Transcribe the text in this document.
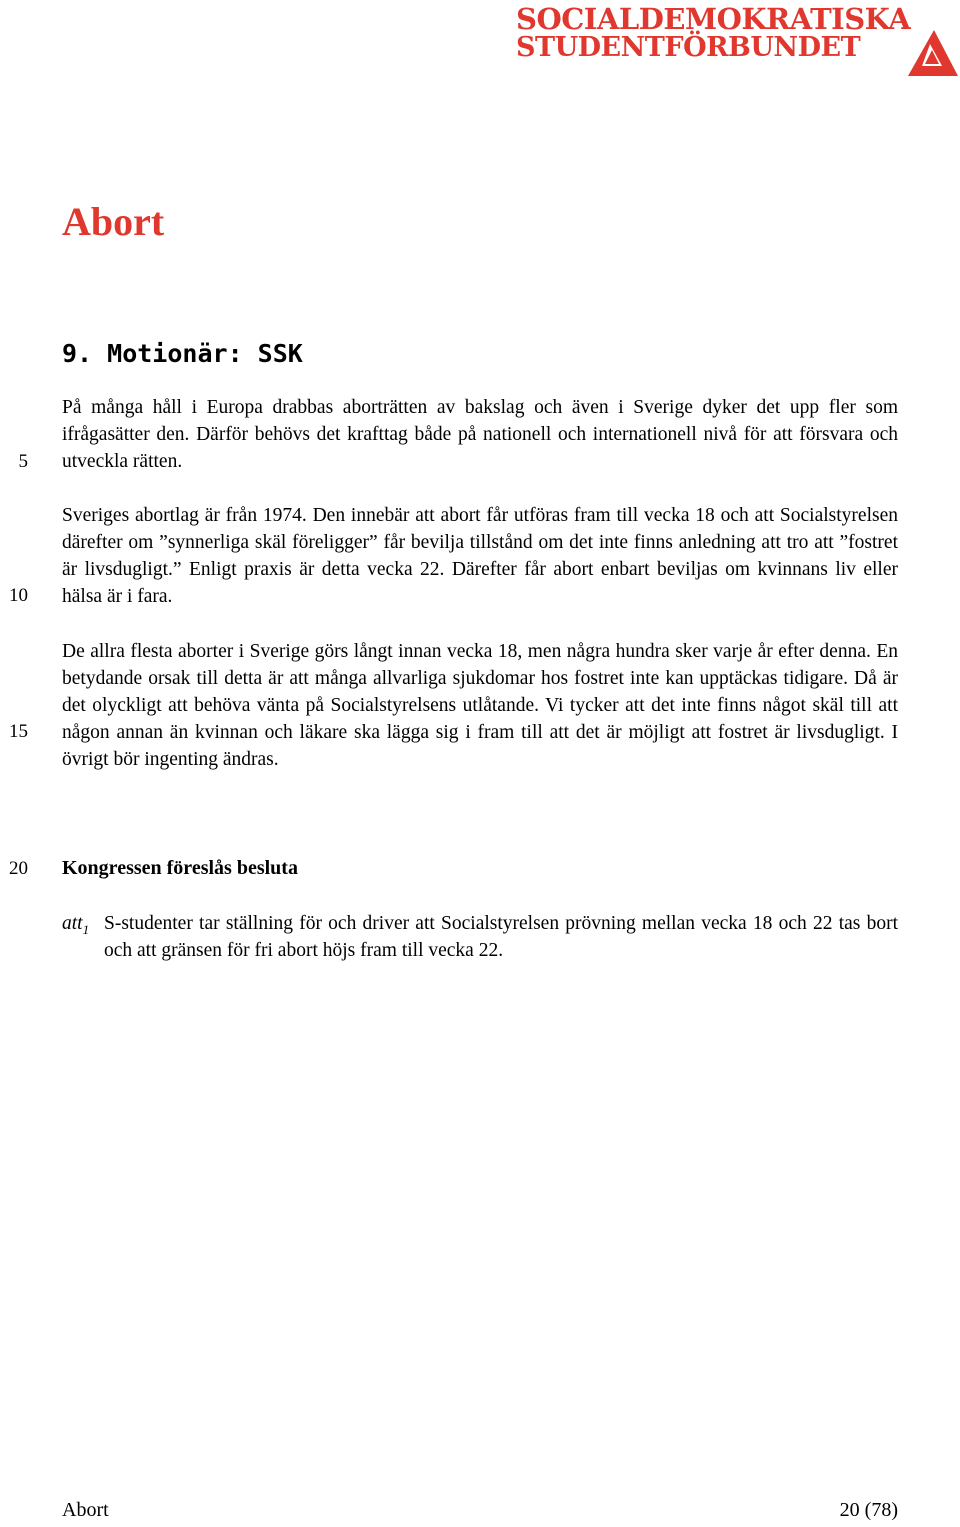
SOCIALDEMOKRATISKA
STUDENTFÖRBUNDET
Abort
9. Motionär: SSK
5
10
15
20

På många håll i Europa drabbas aborträtten av bakslag och även i Sverige dyker det upp fler som ifrågasätter den. Därför behövs det krafttag både på nationell och internationell nivå för att försvara och utveckla rätten.

Sveriges abortlag är från 1974. Den innebär att abort får utföras fram till vecka 18 och att Socialstyrelsen därefter om ”synnerliga skäl föreligger” får bevilja tillstånd om det inte finns anledning att tro att ”fostret är livsdugligt.” Enligt praxis är detta vecka 22. Därefter får abort enbart beviljas om kvinnans liv eller hälsa är i fara.

De allra flesta aborter i Sverige görs långt innan vecka 18, men några hundra sker varje år efter denna. En betydande orsak till detta är att många allvarliga sjukdomar hos fostret inte kan upptäckas tidigare. Då är det olyckligt att behöva vänta på Socialstyrelsens utlåtande. Vi tycker att det inte finns något skäl till att någon annan än kvinnan och läkare ska lägga sig i fram till att det är möjligt att fostret är livsdugligt. I övrigt bör ingenting ändras.

Kongressen föreslås besluta
att$_1$ S-studenter tar ställning för och driver att Socialstyrelsen prövning mellan vecka 18 och 22 tas bort och att gränsen för fri abort höjs fram till vecka 22.

Abort	20 (78)
